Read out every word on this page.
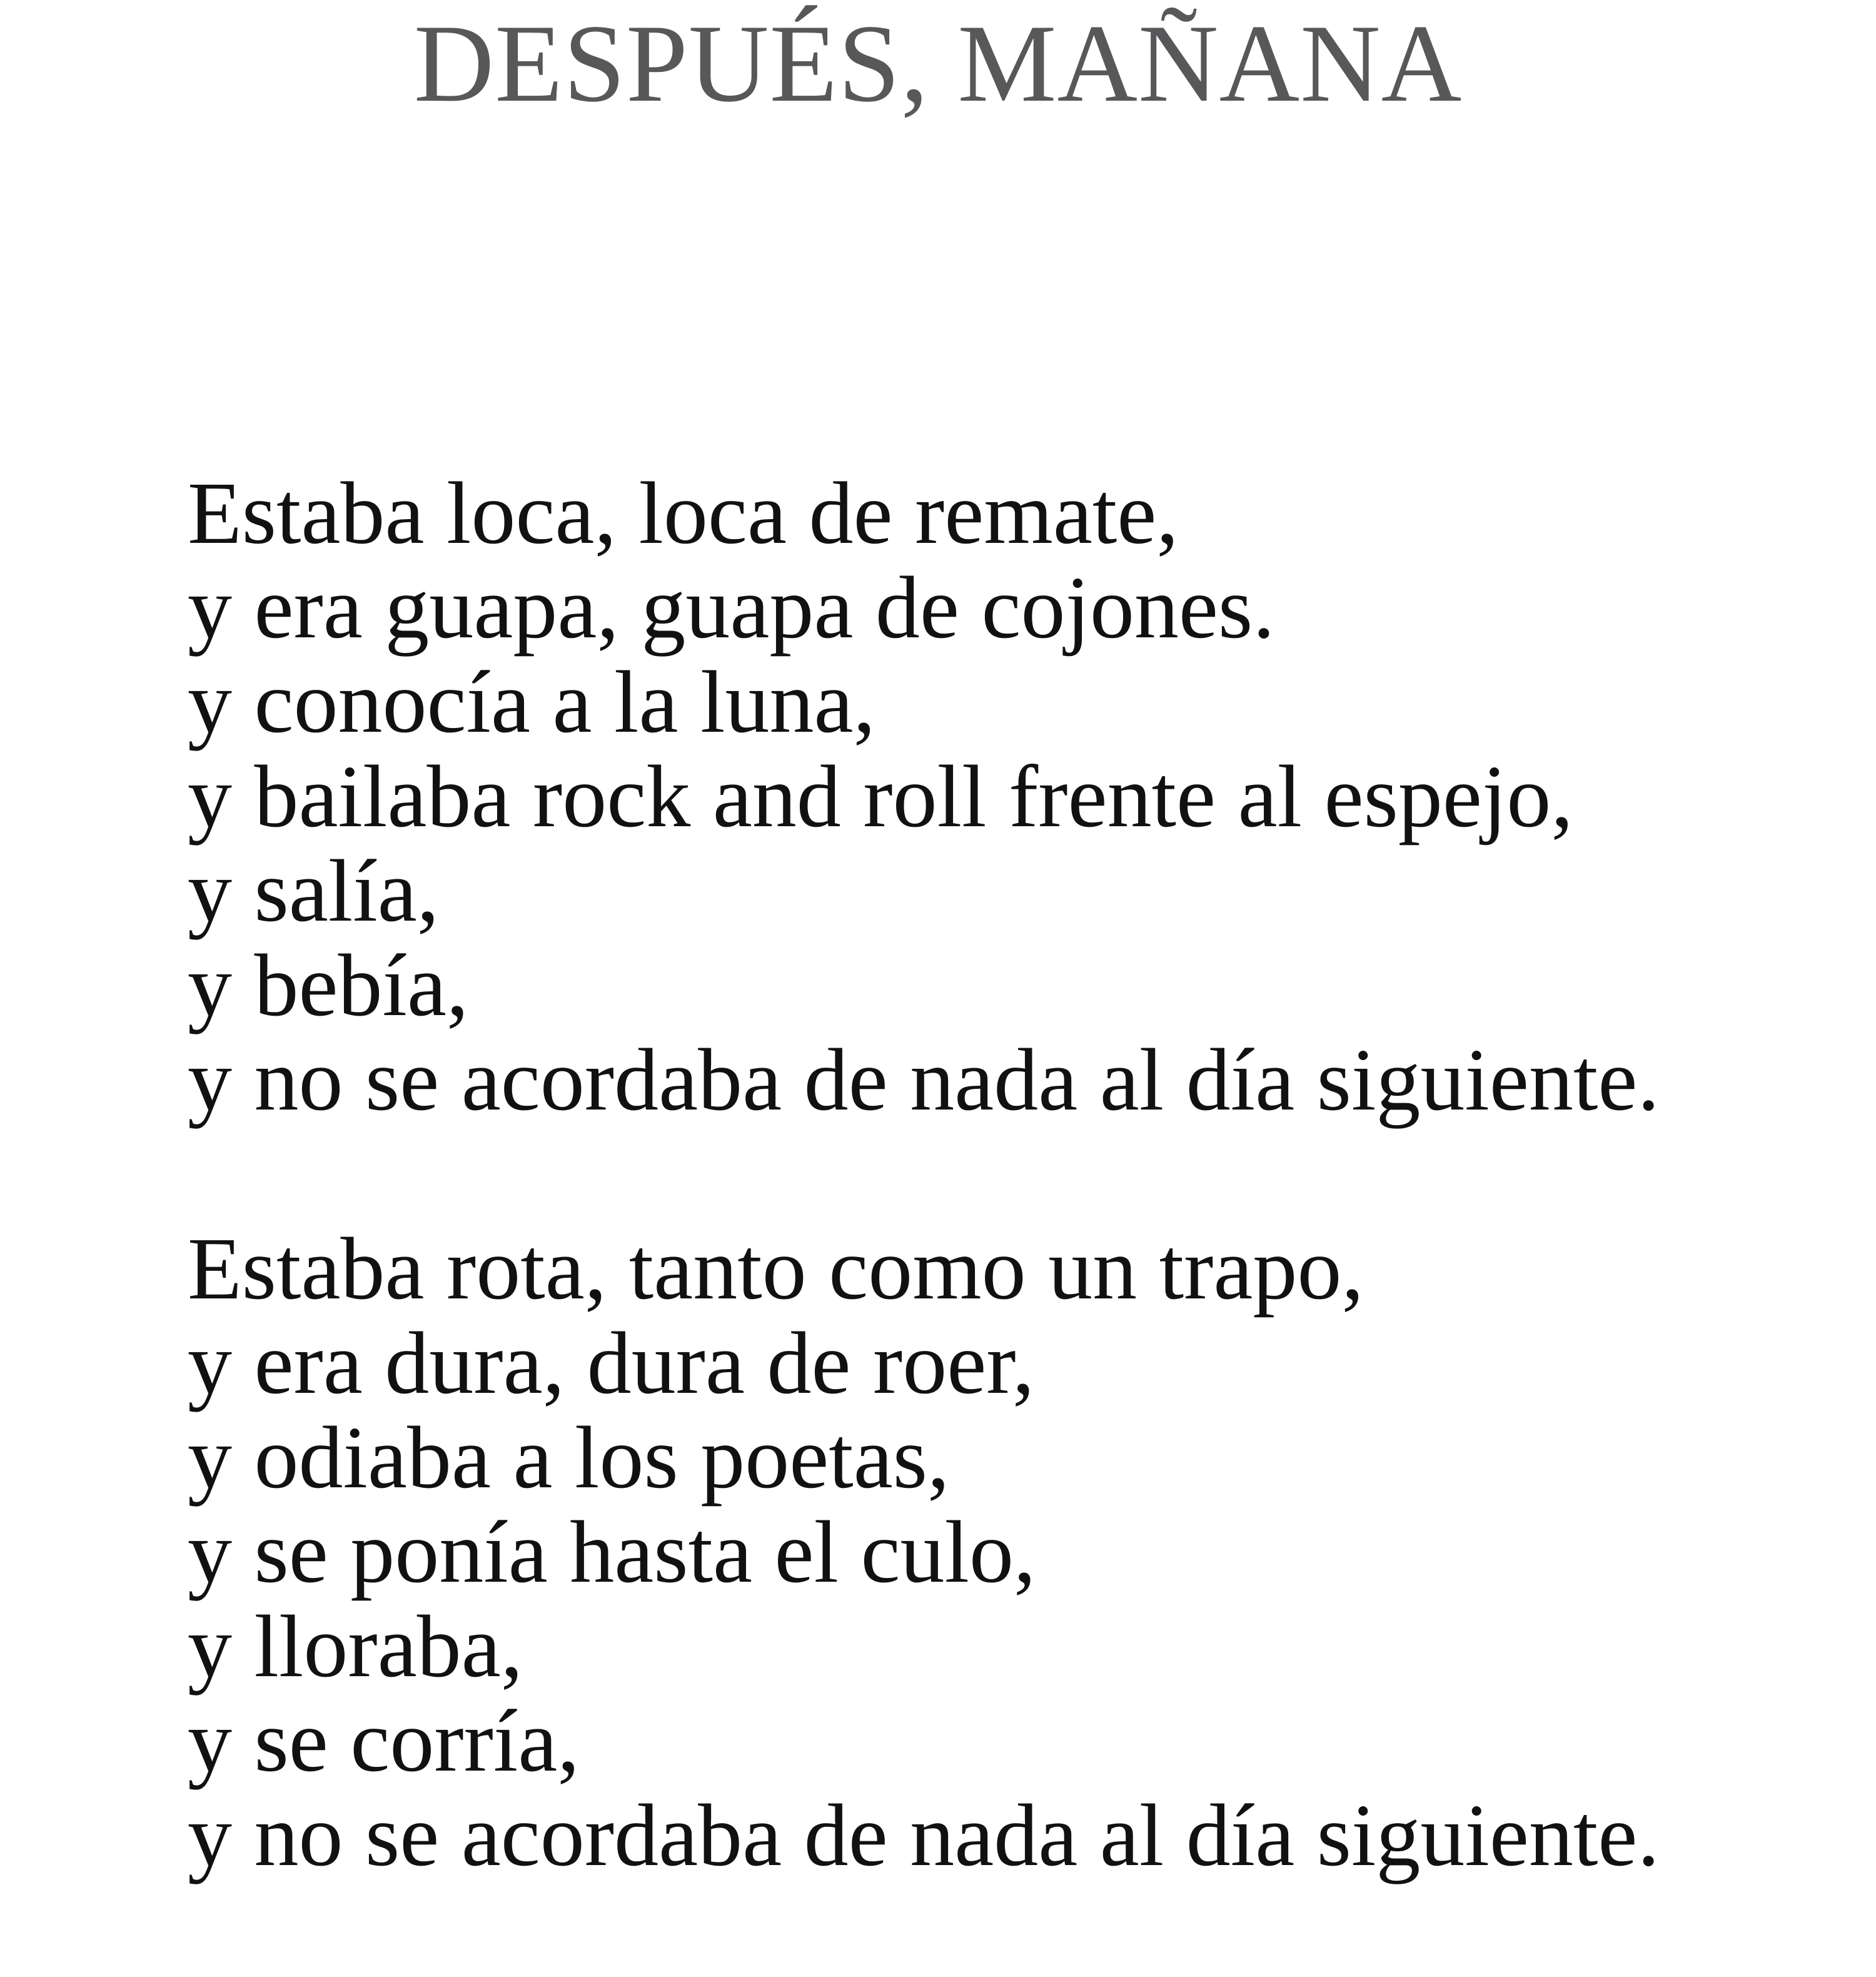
DESPUÉS, MAÑANA
Estaba loca, loca de remate,
y era guapa, guapa de cojones.
y conocía a la luna,
y bailaba rock and roll frente al espejo,
y salía,
y bebía,
y no se acordaba de nada al día siguiente.
Estaba rota, tanto como un trapo,
y era dura, dura de roer,
y odiaba a los poetas,
y se ponía hasta el culo,
y lloraba,
y se corría,
y no se acordaba de nada al día siguiente.
